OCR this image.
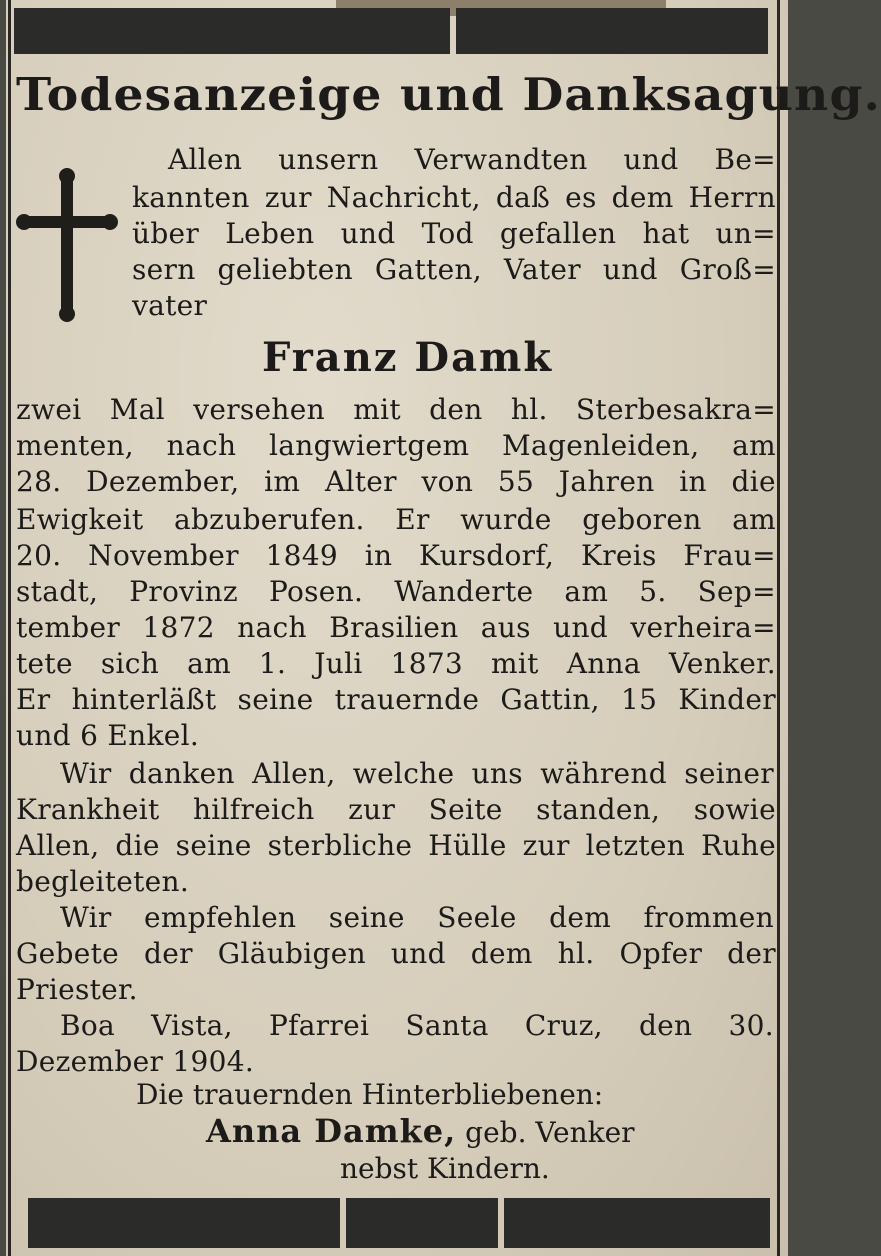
Todesanzeige und Danksagung.
Allen unsern Verwandten und Be=
kannten zur Nachricht, daß es dem Herrn
über Leben und Tod gefallen hat un=
sern geliebten Gatten, Vater und Groß=
vater
Franz Damk
zwei Mal versehen mit den hl. Sterbesakra=
menten, nach langwiertgem Magenleiden, am
28. Dezember, im Alter von 55 Jahren in die
Ewigkeit abzuberufen. Er wurde geboren am
20. November 1849 in Kursdorf, Kreis Frau=
stadt, Provinz Posen. Wanderte am 5. Sep=
tember 1872 nach Brasilien aus und verheira=
tete sich am 1. Juli 1873 mit Anna Venker.
Er hinterläßt seine trauernde Gattin, 15 Kinder
und 6 Enkel.
Wir danken Allen, welche uns während seiner
Krankheit hilfreich zur Seite standen, sowie
Allen, die seine sterbliche Hülle zur letzten Ruhe
begleiteten.
Wir empfehlen seine Seele dem frommen
Gebete der Gläubigen und dem hl. Opfer der
Priester.
Boa Vista, Pfarrei Santa Cruz, den 30.
Dezember 1904.
Die trauernden Hinterbliebenen:
Anna Damke, geb. Venker
nebst Kindern.
